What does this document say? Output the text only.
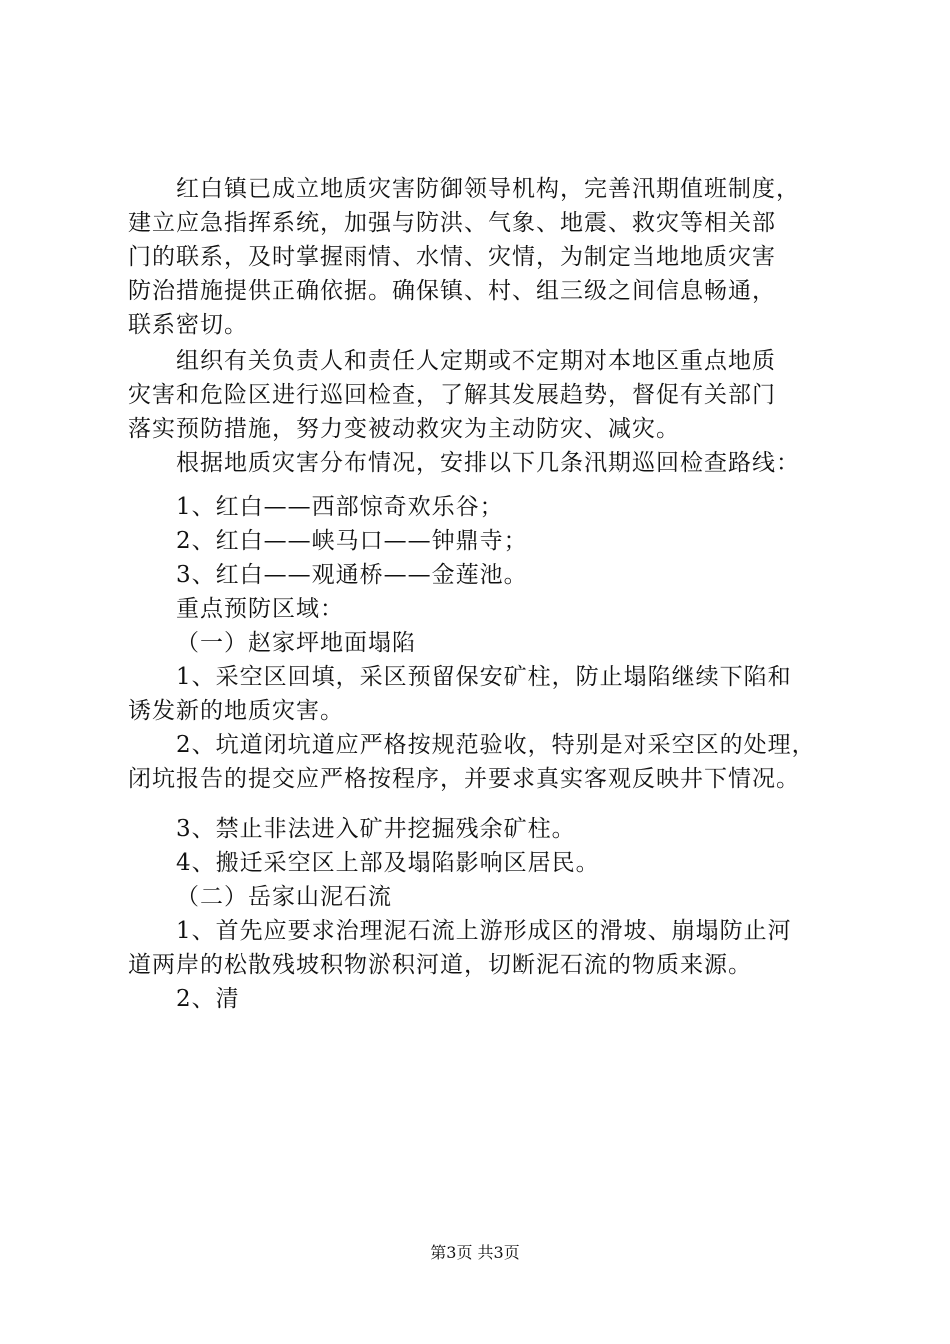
红白镇已成立地质灾害防御领导机构，完善汛期值班制度，
建立应急指挥系统，加强与防洪、气象、地震、救灾等相关部
门的联系，及时掌握雨情、水情、灾情，为制定当地地质灾害
防治措施提供正确依据。确保镇、村、组三级之间信息畅通，
联系密切。
组织有关负责人和责任人定期或不定期对本地区重点地质
灾害和危险区进行巡回检查，了解其发展趋势，督促有关部门
落实预防措施，努力变被动救灾为主动防灾、减灾。
根据地质灾害分布情况，安排以下几条汛期巡回检查路线：
1、红白——西部惊奇欢乐谷；
2、红白——峡马口——钟鼎寺；
3、红白——观通桥——金莲池。
重点预防区域：
（一）赵家坪地面塌陷
1、采空区回填，采区预留保安矿柱，防止塌陷继续下陷和
诱发新的地质灾害。
2、坑道闭坑道应严格按规范验收，特别是对采空区的处理，
闭坑报告的提交应严格按程序，并要求真实客观反映井下情况。
3、禁止非法进入矿井挖掘残余矿柱。
4、搬迁采空区上部及塌陷影响区居民。
（二）岳家山泥石流
1、首先应要求治理泥石流上游形成区的滑坡、崩塌防止河
道两岸的松散残坡积物淤积河道，切断泥石流的物质来源。
2、清
第3页 共3页
